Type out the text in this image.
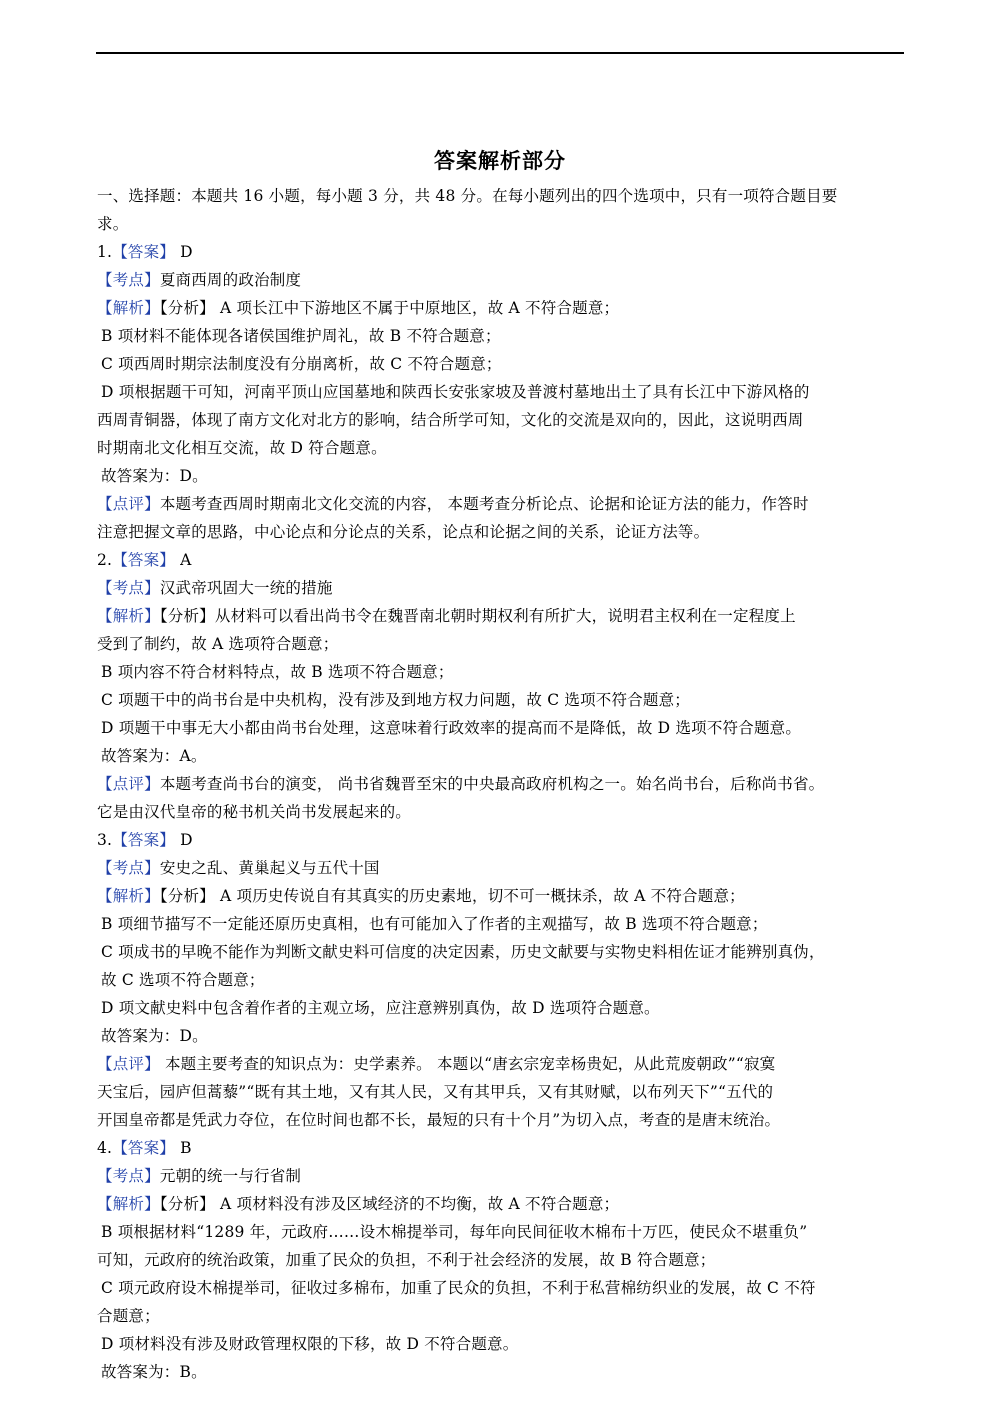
答案解析部分
一、选择题：本题共 16 小题，每小题 3 分，共 48 分。在每小题列出的四个选项中，只有一项符合题目要
求。
1.【答案】 D
【考点】夏商西周的政治制度
【解析】【分析】 A 项长江中下游地区不属于中原地区，故 A 不符合题意；
B 项材料不能体现各诸侯国维护周礼，故 B 不符合题意；
C 项西周时期宗法制度没有分崩离析，故 C 不符合题意；
D 项根据题干可知，河南平顶山应国墓地和陕西长安张家坡及普渡村墓地出土了具有长江中下游风格的
西周青铜器，体现了南方文化对北方的影响，结合所学可知，文化的交流是双向的，因此，这说明西周
时期南北文化相互交流，故 D 符合题意。
故答案为：D。
【点评】本题考查西周时期南北文化交流的内容， 本题考查分析论点、论据和论证方法的能力，作答时
注意把握文章的思路，中心论点和分论点的关系，论点和论据之间的关系，论证方法等。
2.【答案】 A
【考点】汉武帝巩固大一统的措施
【解析】【分析】从材料可以看出尚书令在魏晋南北朝时期权利有所扩大，说明君主权利在一定程度上
受到了制约，故 A 选项符合题意；
B 项内容不符合材料特点，故 B 选项不符合题意；
C 项题干中的尚书台是中央机构，没有涉及到地方权力问题，故 C 选项不符合题意；
D 项题干中事无大小都由尚书台处理，这意味着行政效率的提高而不是降低，故 D 选项不符合题意。
故答案为：A。
【点评】本题考查尚书台的演变， 尚书省魏晋至宋的中央最高政府机构之一。始名尚书台，后称尚书省。
它是由汉代皇帝的秘书机关尚书发展起来的。
3.【答案】 D
【考点】安史之乱、黄巢起义与五代十国
【解析】【分析】 A 项历史传说自有其真实的历史素地，切不可一概抹杀，故 A 不符合题意；
B 项细节描写不一定能还原历史真相，也有可能加入了作者的主观描写，故 B 选项不符合题意；
C 项成书的早晚不能作为判断文献史料可信度的决定因素，历史文献要与实物史料相佐证才能辨别真伪，
故 C 选项不符合题意；
D 项文献史料中包含着作者的主观立场，应注意辨别真伪，故 D 选项符合题意。
故答案为：D。
【点评】 本题主要考查的知识点为：史学素养。 本题以“唐玄宗宠幸杨贵妃，从此荒废朝政”“寂寞
天宝后，园庐但蒿藜”“既有其土地，又有其人民，又有其甲兵，又有其财赋，以布列天下”“五代的
开国皇帝都是凭武力夺位，在位时间也都不长，最短的只有十个月”为切入点，考查的是唐末统治。
4.【答案】 B
【考点】元朝的统一与行省制
【解析】【分析】 A 项材料没有涉及区域经济的不均衡，故 A 不符合题意；
B 项根据材料“1289 年，元政府……设木棉提举司，每年向民间征收木棉布十万匹，使民众不堪重负”
可知，元政府的统治政策，加重了民众的负担，不利于社会经济的发展，故 B 符合题意；
C 项元政府设木棉提举司，征收过多棉布，加重了民众的负担，不利于私营棉纺织业的发展，故 C 不符
合题意；
D 项材料没有涉及财政管理权限的下移，故 D 不符合题意。
故答案为：B。
